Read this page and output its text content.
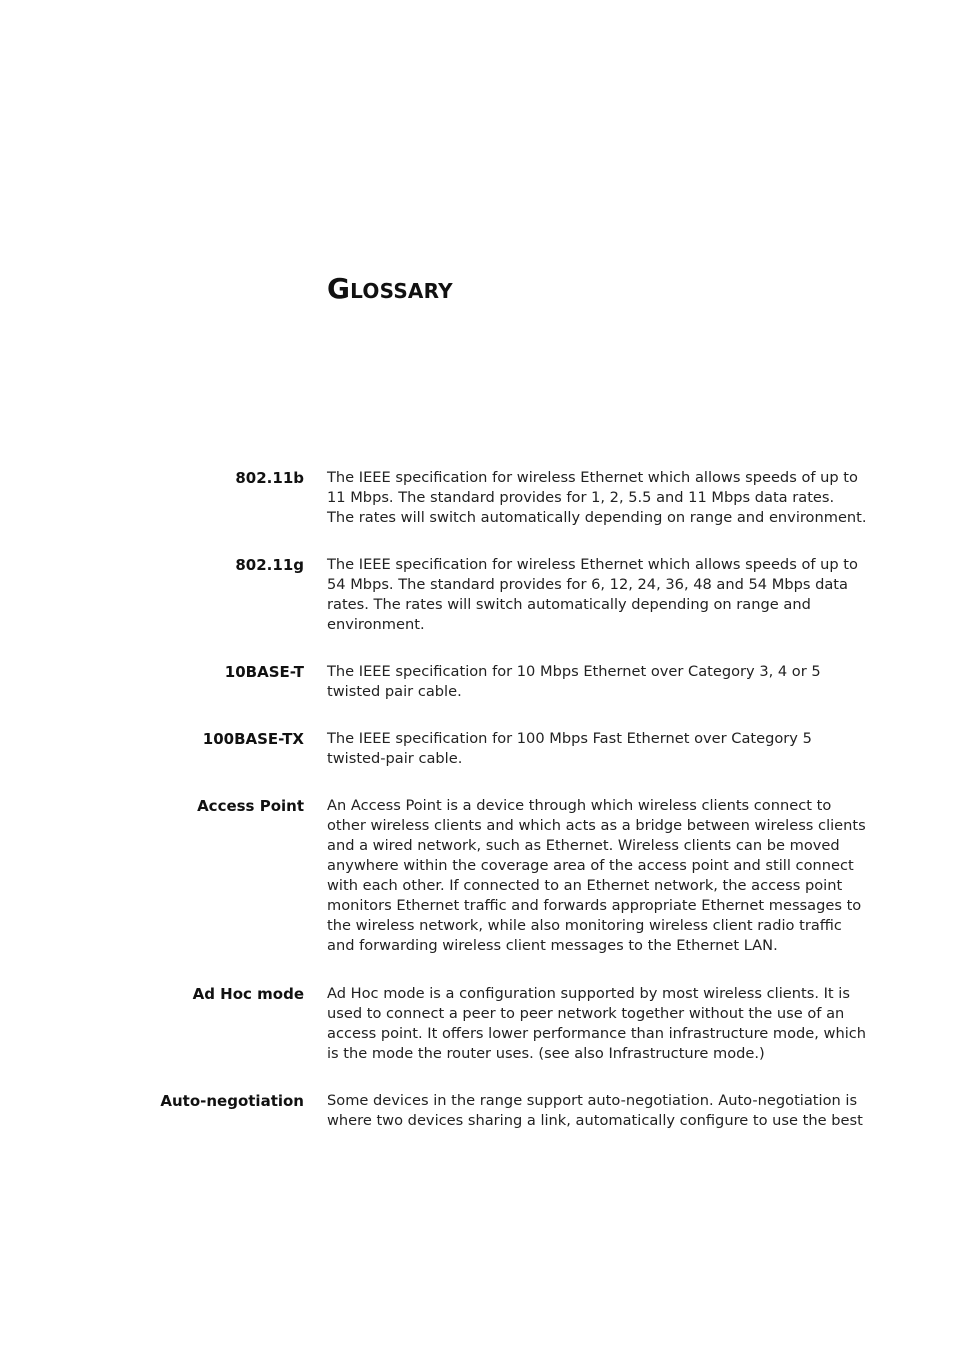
Glossary
802.11b The IEEE specification for wireless Ethernet which allows speeds of up to
11 Mbps. The standard provides for 1, 2, 5.5 and 11 Mbps data rates.
The rates will switch automatically depending on range and environment.
802.11g The IEEE specification for wireless Ethernet which allows speeds of up to
54 Mbps. The standard provides for 6, 12, 24, 36, 48 and 54 Mbps data
rates. The rates will switch automatically depending on range and
environment.
10BASE-T The IEEE specification for 10 Mbps Ethernet over Category 3, 4 or 5
twisted pair cable.
100BASE-TX The IEEE specification for 100 Mbps Fast Ethernet over Category 5
twisted-pair cable.
Access Point An Access Point is a device through which wireless clients connect to
other wireless clients and which acts as a bridge between wireless clients
and a wired network, such as Ethernet. Wireless clients can be moved
anywhere within the coverage area of the access point and still connect
with each other. If connected to an Ethernet network, the access point
monitors Ethernet traffic and forwards appropriate Ethernet messages to
the wireless network, while also monitoring wireless client radio traffic
and forwarding wireless client messages to the Ethernet LAN.
Ad Hoc mode Ad Hoc mode is a configuration supported by most wireless clients. It is
used to connect a peer to peer network together without the use of an
access point. It offers lower performance than infrastructure mode, which
is the mode the router uses. (see also Infrastructure mode.)
Auto-negotiation Some devices in the range support auto-negotiation. Auto-negotiation is
where two devices sharing a link, automatically configure to use the best
